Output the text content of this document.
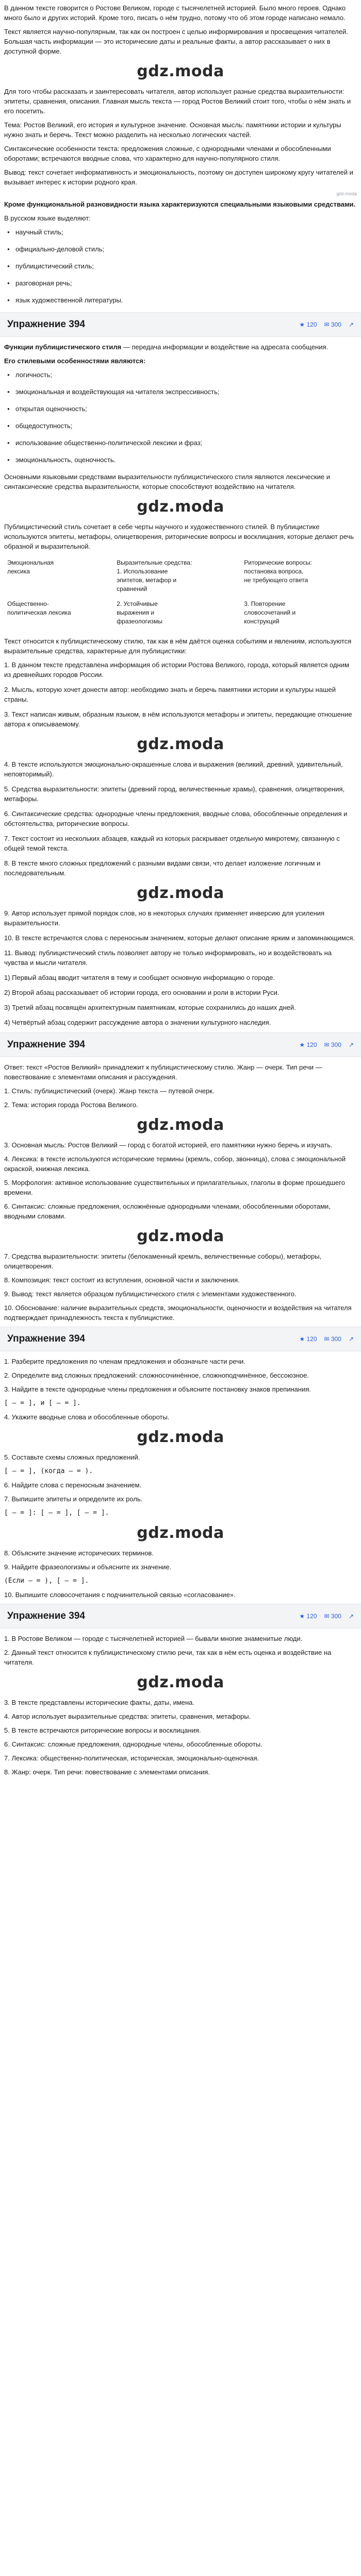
В данном тексте говорится о Ростове Великом, городе с тысячелетней историей. Было много героев. Однако много было и других историй. Кроме того, писать о нём трудно, потому что об этом городе написано немало.

Текст является научно-популярным, так как он построен с целью информирования и просвещения читателей. Большая часть информации — это исторические даты и реальные факты, а автор рассказывает о них в доступной форме.

gdz.moda

Для того чтобы рассказать и заинтересовать читателя, автор использует разные средства выразительности: эпитеты, сравнения, описания. Главная мысль текста — город Ростов Великий стоит того, чтобы о нём знать и его посетить.

Тема: Ростов Великий, его история и культурное значение. Основная мысль: памятники истории и культуры нужно знать и беречь. Текст можно разделить на несколько логических частей.

Синтаксические особенности текста: предложения сложные, с однородными членами и обособленными оборотами; встречаются вводные слова, что характерно для научно-популярного стиля.

Вывод: текст сочетает информативность и эмоциональность, поэтому он доступен широкому кругу читателей и вызывает интерес к истории родного края.

gdz.moda

Кроме функциональной разновидности языка характеризуются специальными языковыми средствами.

В русском языке выделяют:

● научный стиль;
● официально-деловой стиль;
● публицистический стиль;
● разговорная речь;
● язык художественной литературы.
Упражнение 394	★ 120 ✉ 300 ↗

Функции публицистического стиля — передача информации и воздействие на адресата сообщения.

Его стилевыми особенностями являются:

● логичность;
● эмоциональная и воздействующая на читателя экспрессивность;
● открытая оценочность;
● общедоступность;
● использование общественно-политической лексики и фраз;
● эмоциональность, оценочность.

Основными языковыми средствами выразительности публицистического стиля являются лексические и синтаксические средства выразительности, которые способствуют воздействию на читателя.

gdz.moda

Публицистический стиль сочетает в себе черты научного и художественного стилей. В публицистике используются эпитеты, метафоры, олицетворения, риторические вопросы и восклицания, которые делают речь образной и выразительной.

Эмоциональная
лексика	Выразительные средства:
1. Использование
эпитетов, метафор и
сравнений	Риторические вопросы:
постановка вопроса,
не требующего ответа
Общественно-
политическая лексика	2. Устойчивые
выражения и
фразеологизмы	3. Повторение
словосочетаний и
конструкций

Текст относится к публицистическому стилю, так как в нём даётся оценка событиям и явлениям, используются выразительные средства, характерные для публицистики:

1. В данном тексте представлена информация об истории Ростова Великого, города, который является одним из древнейших городов России.

2. Мысль, которую хочет донести автор: необходимо знать и беречь памятники истории и культуры нашей страны.

3. Текст написан живым, образным языком, в нём используются метафоры и эпитеты, передающие отношение автора к описываемому.

gdz.moda

4. В тексте используются эмоционально-окрашенные слова и выражения (великий, древний, удивительный, неповторимый).

5. Средства выразительности: эпитеты (древний город, величественные храмы), сравнения, олицетворения, метафоры.

6. Синтаксические средства: однородные члены предложения, вводные слова, обособленные определения и обстоятельства, риторические вопросы.

7. Текст состоит из нескольких абзацев, каждый из которых раскрывает отдельную микротему, связанную с общей темой текста.

8. В тексте много сложных предложений с разными видами связи, что делает изложение логичным и последовательным.

gdz.moda

9. Автор использует прямой порядок слов, но в некоторых случаях применяет инверсию для усиления выразительности.

10. В тексте встречаются слова с переносным значением, которые делают описание ярким и запоминающимся.

11. Вывод: публицистический стиль позволяет автору не только информировать, но и воздействовать на чувства и мысли читателя.

1) Первый абзац вводит читателя в тему и сообщает основную информацию о городе.

2) Второй абзац рассказывает об истории города, его основании и роли в истории Руси.

3) Третий абзац посвящён архитектурным памятникам, которые сохранились до наших дней.

4) Четвёртый абзац содержит рассуждение автора о значении культурного наследия.

Упражнение 394	★ 120 ✉ 300 ↗

Ответ: текст «Ростов Великий» принадлежит к публицистическому стилю. Жанр — очерк. Тип речи — повествование с элементами описания и рассуждения.

1. Стиль: публицистический (очерк). Жанр текста — путевой очерк.

2. Тема: история города Ростова Великого.

gdz.moda

3. Основная мысль: Ростов Великий — город с богатой историей, его памятники нужно беречь и изучать.

4. Лексика: в тексте используются исторические термины (кремль, собор, звонница), слова с эмоциональной окраской, книжная лексика.

5. Морфология: активное использование существительных и прилагательных, глаголы в форме прошедшего времени.

6. Синтаксис: сложные предложения, осложнённые однородными членами, обособленными оборотами, вводными словами.

gdz.moda

7. Средства выразительности: эпитеты (белокаменный кремль, величественные соборы), метафоры, олицетворения.

8. Композиция: текст состоит из вступления, основной части и заключения.

9. Вывод: текст является образцом публицистического стиля с элементами художественного.

10. Обоснование: наличие выразительных средств, эмоциональности, оценочности и воздействия на читателя подтверждает принадлежность текста к публицистике.

Упражнение 394	★ 120 ✉ 300 ↗

1. Разберите предложения по членам предложения и обозначьте части речи.

2. Определите вид сложных предложений: сложносочинённое, сложноподчинённое, бессоюзное.

3. Найдите в тексте однородные члены предложения и объясните постановку знаков препинания.

[ — = ], и [ — = ].

4. Укажите вводные слова и обособленные обороты.

gdz.moda

5. Составьте схемы сложных предложений.

[ — = ], (когда — = ).

6. Найдите слова с переносным значением.

7. Выпишите эпитеты и определите их роль.

[ — = ]: [ — = ], [ — = ].

gdz.moda

8. Объясните значение исторических терминов.

9. Найдите фразеологизмы и объясните их значение.

(Если — = ), [ — = ].

10. Выпишите словосочетания с подчинительной связью «согласование».

Упражнение 394	★ 120 ✉ 300 ↗

1. В Ростове Великом — городе с тысячелетней историей — бывали многие знаменитые люди.

2. Данный текст относится к публицистическому стилю речи, так как в нём есть оценка и воздействие на читателя.

gdz.moda

3. В тексте представлены исторические факты, даты, имена.

4. Автор использует выразительные средства: эпитеты, сравнения, метафоры.

5. В тексте встречаются риторические вопросы и восклицания.

6. Синтаксис: сложные предложения, однородные члены, обособленные обороты.

7. Лексика: общественно-политическая, историческая, эмоционально-оценочная.

8. Жанр: очерк. Тип речи: повествование с элементами описания.
